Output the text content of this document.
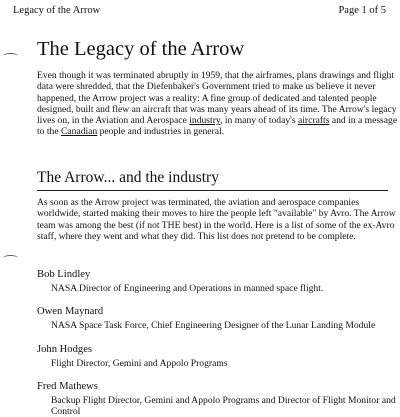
Legacy of the Arrow	Page 1 of 5
The Legacy of the Arrow

Even though it was terminated abruptly in 1959, that the airframes, plans drawings and flight data were shredded, that the Diefenbaker's Government tried to make us believe it never happened, the Arrow project was a reality: A fine group of dedicated and talented people designed, built and flew an aircraft that was many years ahead of its time. The Arrow's legacy lives on, in the Aviation and Aerospace industry, in many of today's aircrafts and in a message to the Canadian people and industries in general.

The Arrow... and the industry

As soon as the Arrow project was terminated, the aviation and aerospace companies worldwide, started making their moves to hire the people left "available" by Avro. The Arrow team was among the best (if not THE best) in the world. Here is a list of some of the ex-Avro staff, where they went and what they did. This list does not pretend to be complete.

Bob Lindley
NASA Director of Engineering and Operations in manned space flight.
Owen Maynard
NASA Space Task Force, Chief Engineering Designer of the Lunar Landing Module
John Hodges
Flight Director, Gemini and Appolo Programs
Fred Mathews
Backup Flight Director, Gemini and Appolo Programs and Director of Flight Monitor and Control
